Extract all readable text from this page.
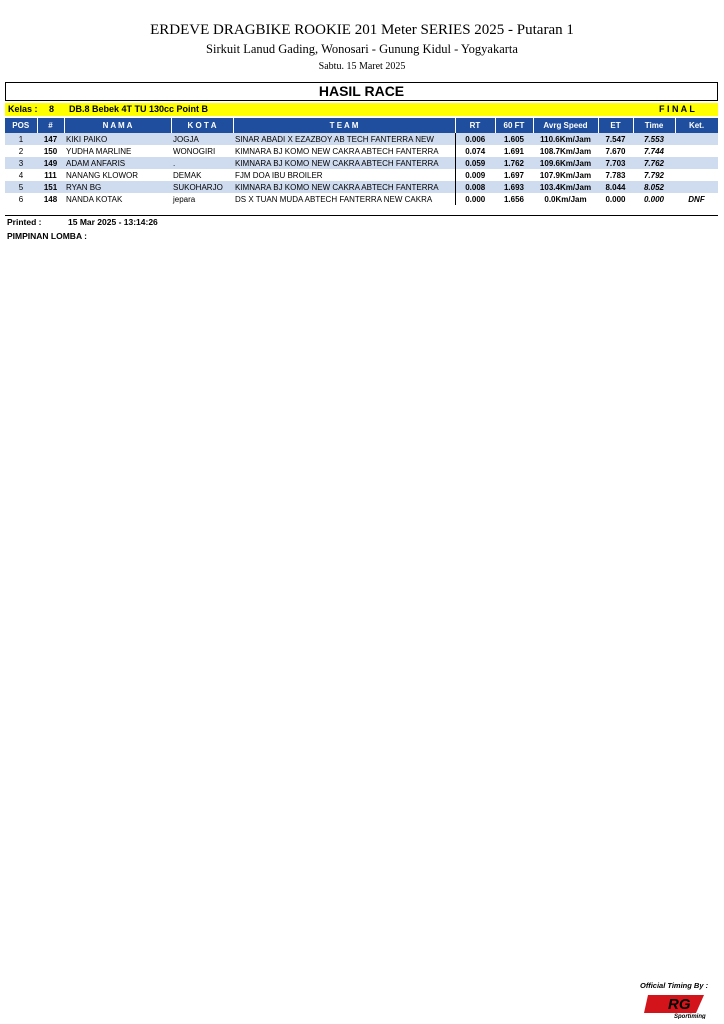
ERDEVE DRAGBIKE ROOKIE 201 Meter SERIES 2025 - Putaran 1
Sirkuit Lanud Gading, Wonosari - Gunung Kidul - Yogyakarta
Sabtu. 15 Maret 2025
HASIL RACE
Kelas : 8 DB.8 Bebek 4T TU 130cc Point B	F I N A L
POS	#	N A M A	K O T A	T E A M	RT	60 FT	Avrg Speed	ET	Time	Ket.
1	147	KIKI PAIKO	JOGJA	SINAR ABADI X EZAZBOY AB TECH FANTERRA NEW	0.006	1.605	110.6Km/Jam	7.547	7.553	
2	150	YUDHA MARLINE	WONOGIRI	KIMNARA BJ KOMO NEW CAKRA ABTECH FANTERRA	0.074	1.691	108.7Km/Jam	7.670	7.744	
3	149	ADAM ANFARIS	.	KIMNARA BJ KOMO NEW CAKRA ABTECH FANTERRA	0.059	1.762	109.6Km/Jam	7.703	7.762	
4	111	NANANG KLOWOR	DEMAK	FJM DOA IBU BROILER	0.009	1.697	107.9Km/Jam	7.783	7.792	
5	151	RYAN BG	SUKOHARJO	KIMNARA BJ KOMO NEW CAKRA ABTECH FANTERRA	0.008	1.693	103.4Km/Jam	8.044	8.052	
6	148	NANDA KOTAK	jepara	DS X TUAN MUDA ABTECH FANTERRA NEW CAKRA	0.000	1.656	0.0Km/Jam	0.000	0.000	DNF
Printed :	15 Mar 2025 - 13:14:26
PIMPINAN LOMBA :
Official Timing By :
RG
Sportiming
